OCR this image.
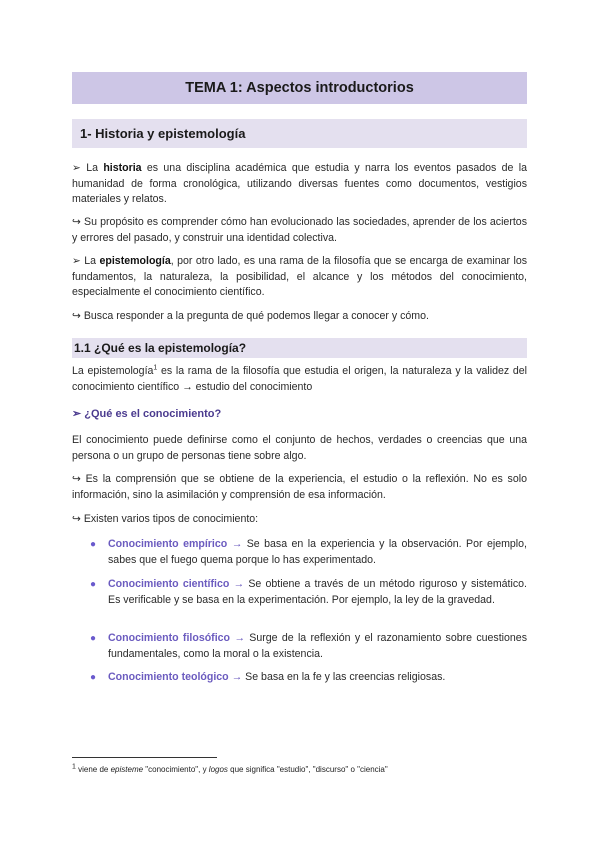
TEMA 1: Aspectos introductorios
1- Historia y epistemología
➢ La historia es una disciplina académica que estudia y narra los eventos pasados de la humanidad de forma cronológica, utilizando diversas fuentes como documentos, vestigios materiales y relatos.
↪ Su propósito es comprender cómo han evolucionado las sociedades, aprender de los aciertos y errores del pasado, y construir una identidad colectiva.
➢ La epistemología, por otro lado, es una rama de la filosofía que se encarga de examinar los fundamentos, la naturaleza, la posibilidad, el alcance y los métodos del conocimiento, especialmente el conocimiento científico.
↪ Busca responder a la pregunta de qué podemos llegar a conocer y cómo.
1.1 ¿Qué es la epistemología?
La epistemología$^1$ es la rama de la filosofía que estudia el origen, la naturaleza y la validez del conocimiento científico → estudio del conocimiento
➢ ¿Qué es el conocimiento?
El conocimiento puede definirse como el conjunto de hechos, verdades o creencias que una persona o un grupo de personas tiene sobre algo.
↪ Es la comprensión que se obtiene de la experiencia, el estudio o la reflexión. No es solo información, sino la asimilación y comprensión de esa información.
↪ Existen varios tipos de conocimiento:
● Conocimiento empírico → Se basa en la experiencia y la observación. Por ejemplo, sabes que el fuego quema porque lo has experimentado.
● Conocimiento científico → Se obtiene a través de un método riguroso y sistemático. Es verificable y se basa en la experimentación. Por ejemplo, la ley de la gravedad.
● Conocimiento filosófico → Surge de la reflexión y el razonamiento sobre cuestiones fundamentales, como la moral o la existencia.
● Conocimiento teológico → Se basa en la fe y las creencias religiosas.
$^1$ viene de episteme "conocimiento", y logos que significa "estudio", "discurso" o "ciencia"
